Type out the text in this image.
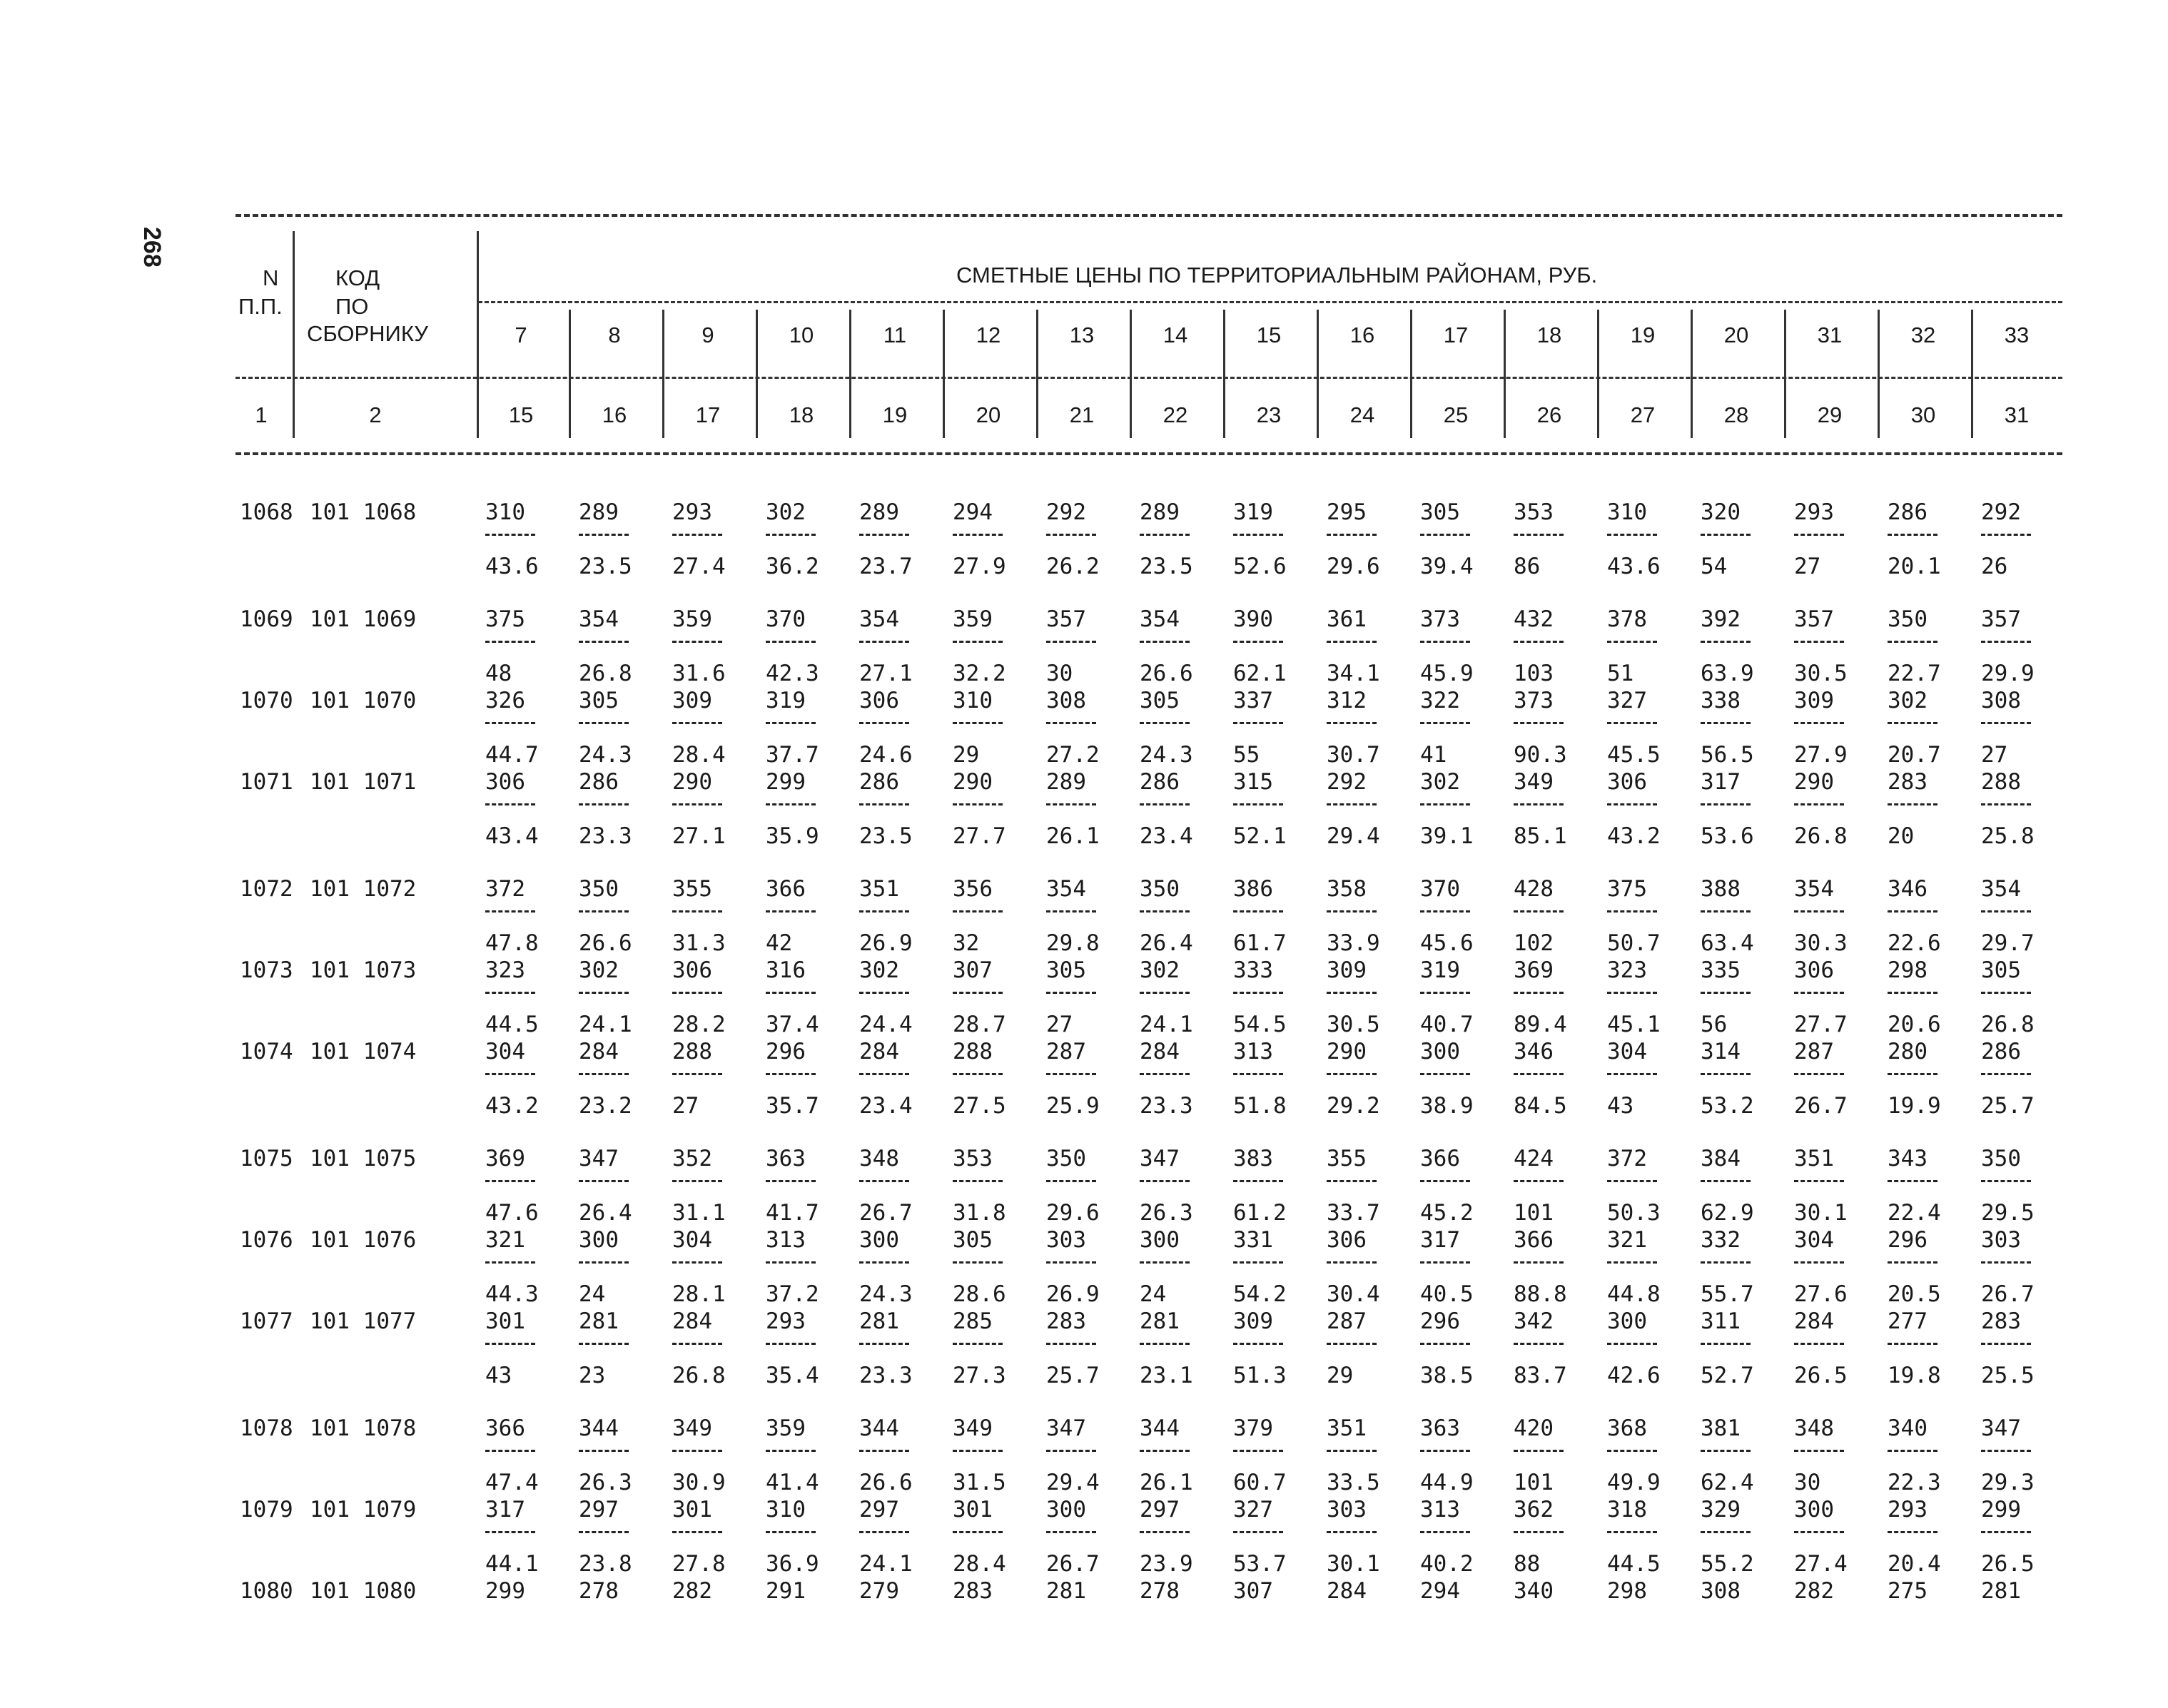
268
N
П.П.
КОД
ПО
СБОРНИКУ
СМЕТНЫЕ ЦЕНЫ ПО ТЕРРИТОРИАЛЬНЫМ РАЙОНАМ, РУБ.
7	8	9	10	11	12	13	14	15	16	17	18	19	20	31	32	33
1	2	15	16	17	18	19	20	21	22	23	24	25	26	27	28	29	30	31
1068 101 1068	310	289	293	302	289	294	292	289	319	295	305	353	310	320	293	286	292
43.6	23.5	27.4	36.2	23.7	27.9	26.2	23.5	52.6	29.6	39.4	86	43.6	54	27	20.1	26
1069 101 1069	375	354	359	370	354	359	357	354	390	361	373	432	378	392	357	350	357
48	26.8	31.6	42.3	27.1	32.2	30	26.6	62.1	34.1	45.9	103	51	63.9	30.5	22.7	29.9
1070 101 1070	326	305	309	319	306	310	308	305	337	312	322	373	327	338	309	302	308
44.7	24.3	28.4	37.7	24.6	29	27.2	24.3	55	30.7	41	90.3	45.5	56.5	27.9	20.7	27
1071 101 1071	306	286	290	299	286	290	289	286	315	292	302	349	306	317	290	283	288
43.4	23.3	27.1	35.9	23.5	27.7	26.1	23.4	52.1	29.4	39.1	85.1	43.2	53.6	26.8	20	25.8
1072 101 1072	372	350	355	366	351	356	354	350	386	358	370	428	375	388	354	346	354
47.8	26.6	31.3	42	26.9	32	29.8	26.4	61.7	33.9	45.6	102	50.7	63.4	30.3	22.6	29.7
1073 101 1073	323	302	306	316	302	307	305	302	333	309	319	369	323	335	306	298	305
44.5	24.1	28.2	37.4	24.4	28.7	27	24.1	54.5	30.5	40.7	89.4	45.1	56	27.7	20.6	26.8
1074 101 1074	304	284	288	296	284	288	287	284	313	290	300	346	304	314	287	280	286
43.2	23.2	27	35.7	23.4	27.5	25.9	23.3	51.8	29.2	38.9	84.5	43	53.2	26.7	19.9	25.7
1075 101 1075	369	347	352	363	348	353	350	347	383	355	366	424	372	384	351	343	350
47.6	26.4	31.1	41.7	26.7	31.8	29.6	26.3	61.2	33.7	45.2	101	50.3	62.9	30.1	22.4	29.5
1076 101 1076	321	300	304	313	300	305	303	300	331	306	317	366	321	332	304	296	303
44.3	24	28.1	37.2	24.3	28.6	26.9	24	54.2	30.4	40.5	88.8	44.8	55.7	27.6	20.5	26.7
1077 101 1077	301	281	284	293	281	285	283	281	309	287	296	342	300	311	284	277	283
43	23	26.8	35.4	23.3	27.3	25.7	23.1	51.3	29	38.5	83.7	42.6	52.7	26.5	19.8	25.5
1078 101 1078	366	344	349	359	344	349	347	344	379	351	363	420	368	381	348	340	347
47.4	26.3	30.9	41.4	26.6	31.5	29.4	26.1	60.7	33.5	44.9	101	49.9	62.4	30	22.3	29.3
1079 101 1079	317	297	301	310	297	301	300	297	327	303	313	362	318	329	300	293	299
44.1	23.8	27.8	36.9	24.1	28.4	26.7	23.9	53.7	30.1	40.2	88	44.5	55.2	27.4	20.4	26.5
1080 101 1080	299	278	282	291	279	283	281	278	307	284	294	340	298	308	282	275	281
